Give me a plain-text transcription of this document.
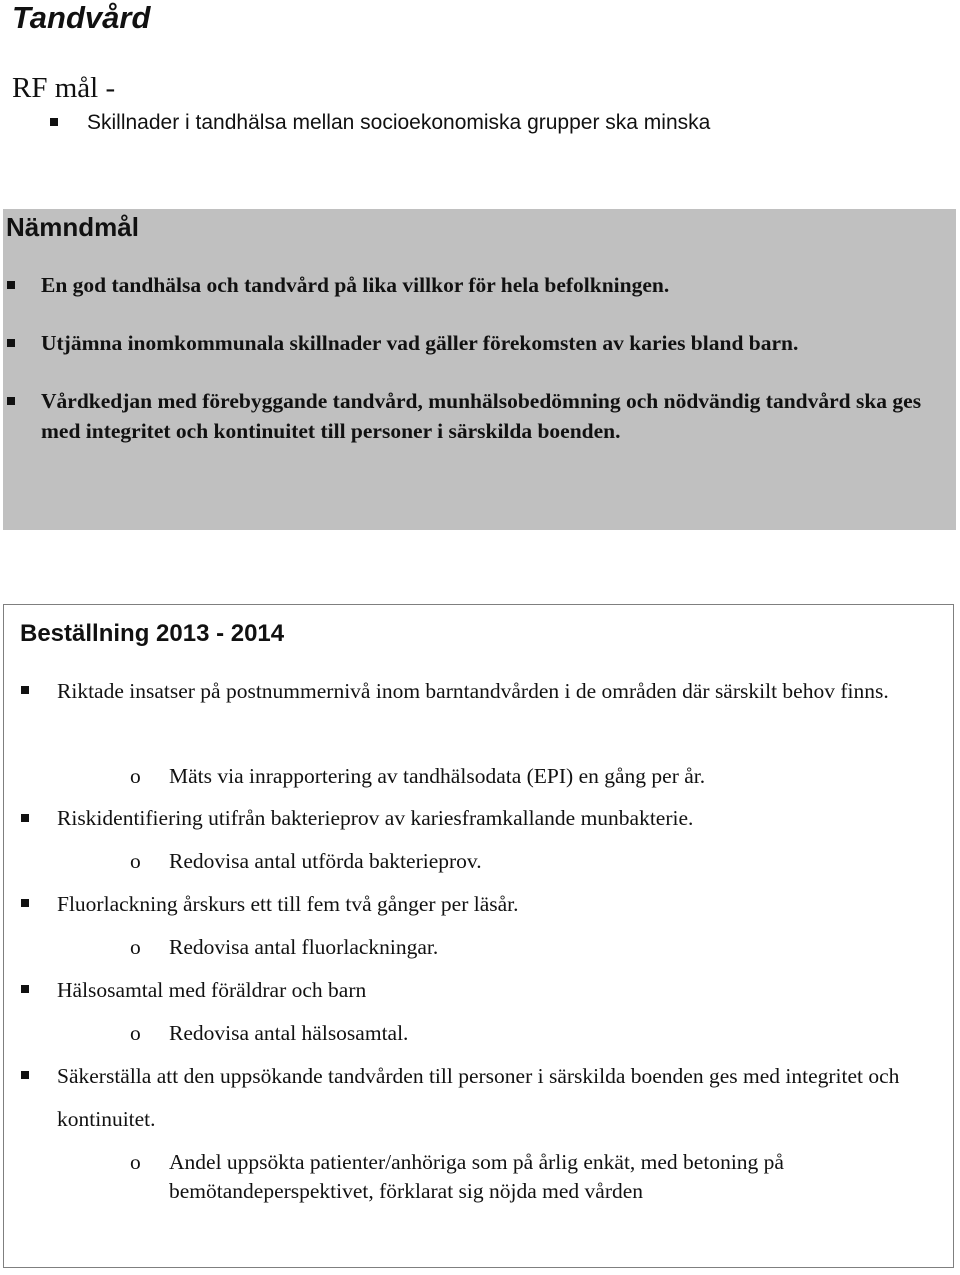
Tandvård
RF mål -
Skillnader i tandhälsa mellan socioekonomiska grupper ska minska
Nämndmål
En god tandhälsa och tandvård på lika villkor för hela befolkningen.
Utjämna inomkommunala skillnader vad gäller förekomsten av karies bland barn.
Vårdkedjan med förebyggande tandvård, munhälsobedömning och nödvändig tandvård ska ges med integritet och kontinuitet till personer i särskilda boenden.
Beställning 2013 - 2014
Riktade insatser på postnummernivå inom barntandvården i de områden där särskilt behov finns.
o Mäts via inrapportering av tandhälsodata (EPI) en gång per år.
Riskidentifiering utifrån bakterieprov av kariesframkallande munbakterie.
o Redovisa antal utförda bakterieprov.
Fluorlackning årskurs ett till fem två gånger per läsår.
o Redovisa antal fluorlackningar.
Hälsosamtal med föräldrar och barn
o Redovisa antal hälsosamtal.
Säkerställa att den uppsökande tandvården till personer i särskilda boenden ges med integritet och kontinuitet.
o Andel uppsökta patienter/anhöriga som på årlig enkät, med betoning på bemötandeperspektivet, förklarat sig nöjda med vården
